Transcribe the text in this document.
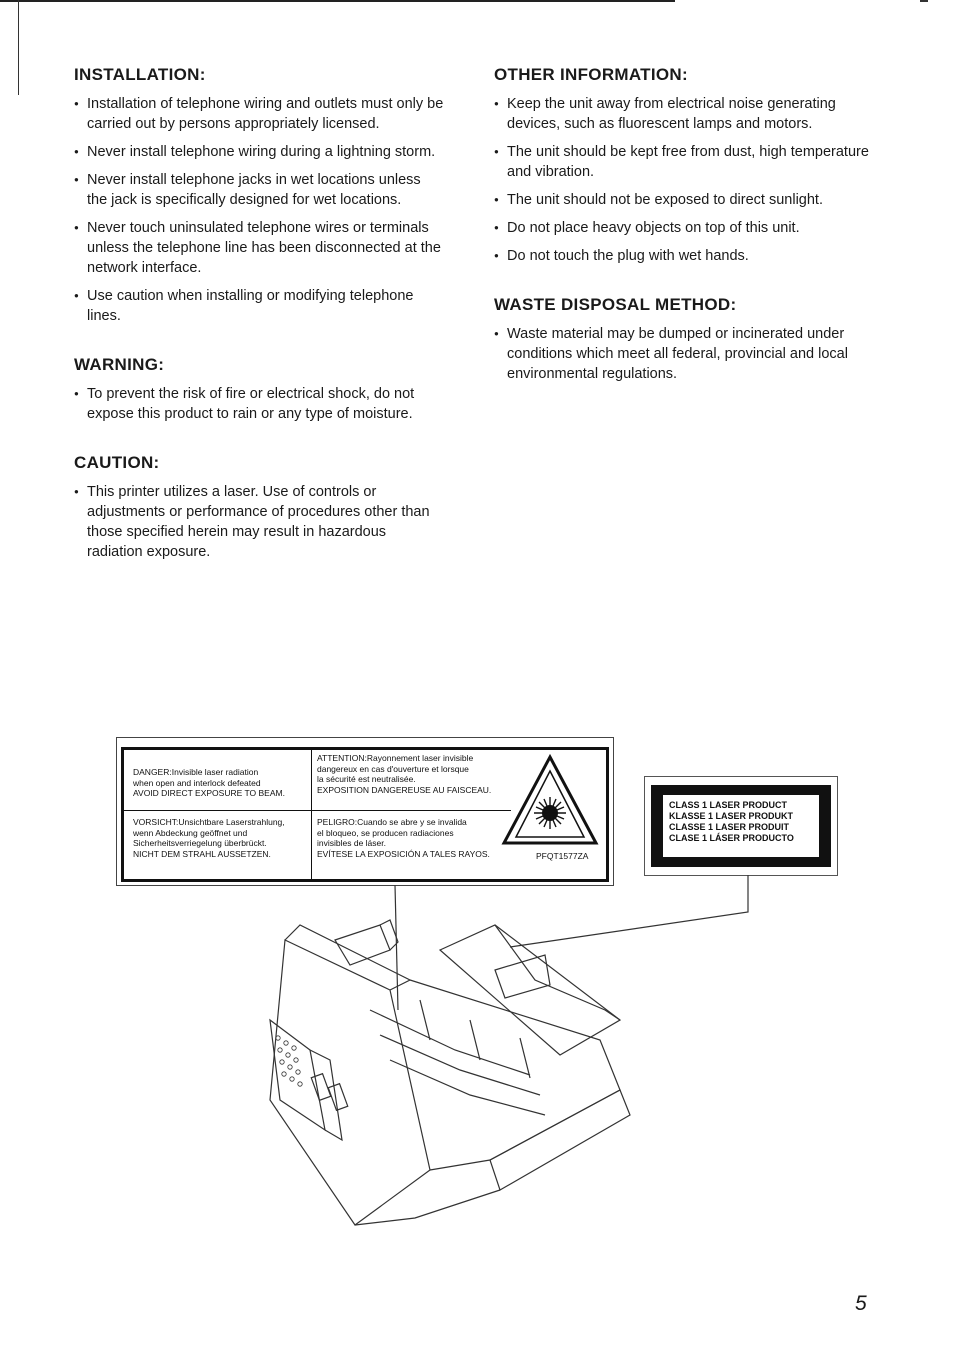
INSTALLATION:
● Installation of telephone wiring and outlets must only be carried out by persons appropriately licensed.
● Never install telephone wiring during a lightning storm.
● Never install telephone jacks in wet locations unless the jack is specifically designed for wet locations.
● Never touch uninsulated telephone wires or terminals unless the telephone line has been disconnected at the network interface.
● Use caution when installing or modifying telephone lines.
WARNING:
● To prevent the risk of fire or electrical shock, do not expose this product to rain or any type of moisture.
CAUTION:
● This printer utilizes a laser. Use of controls or adjustments or performance of procedures other than those specified herein may result in hazardous radiation exposure.
OTHER INFORMATION:
● Keep the unit away from electrical noise generating devices, such as fluorescent lamps and motors.
● The unit should be kept free from dust, high temperature and vibration.
● The unit should not be exposed to direct sunlight.
● Do not place heavy objects on top of this unit.
● Do not touch the plug with wet hands.
WASTE DISPOSAL METHOD:
● Waste material may be dumped or incinerated under conditions which meet all federal, provincial and local environmental regulations.
DANGER:Invisible laser radiation
when open and interlock defeated
AVOID DIRECT EXPOSURE TO BEAM.
VORSICHT:Unsichtbare Laserstrahlung,
wenn Abdeckung geöffnet und
Sicherheitsverriegelung überbrückt.
NICHT DEM STRAHL AUSSETZEN.
ATTENTION:Rayonnement laser invisible
dangereux en cas d'ouverture et lorsque
la sécurité est neutralisée.
EXPOSITION DANGEREUSE AU FAISCEAU.
PELIGRO:Cuando se abre y se invalida
el bloqueo, se producen radiaciones
invisibles de láser.
EVÍTESE LA EXPOSICIÓN A TALES RAYOS.	PFQT1577ZA
CLASS 1 LASER PRODUCT
KLASSE 1 LASER PRODUKT
CLASSE 1 LASER PRODUIT
CLASE 1 LÁSER PRODUCTO
5
